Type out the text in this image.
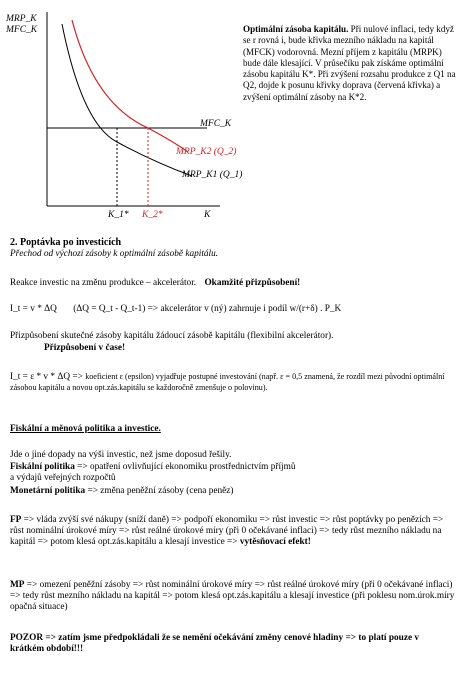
MRP_K
MFC_K
MFC_K
MRP_K2 (Q_2)
MRP_K1 (Q_1)
K_1* K_2*	K
Optimální zásoba kapitálu. Při nulové inflaci, tedy když se r rovná i, bude křivka mezního nákladu na kapitál (MFCK) vodorovná. Mezní příjem z kapitálu (MRPK) bude dále klesající. V průsečíku pak získáme optimální zásobu kapitálu K*. Při zvýšení rozsahu produkce z Q1 na Q2, dojde k posunu křivky doprava (červená křivka) a zvýšení optimální zásoby na K*2.
2. Poptávka po investicích
Přechod od výchozí zásoby k optimální zásobě kapitálu.
Reakce investic na změnu produkce – akcelerátor. Okamžité přizpůsobení!
I_t = v * ΔQ (ΔQ = Q_t - Q_t-1) => akcelerátor v (ný) zahrnuje i podíl w/(r+δ) . P_K
Přizpůsobení skutečné zásoby kapitálu žádoucí zásobě kapitálu (flexibilní akcelerátor).
Přizpůsobení v čase!
I_t = ε * v * ΔQ => koeficient ε (epsilon) vyjadřuje postupné investování (např. ε = 0,5 znamená, že rozdíl mezi původní optimální zásobou kapitálu a novou opt.zás.kapitálu se každoročně zmenšuje o polovinu).
Fiskální a měnová politika a investice.
Jde o jiné dopady na výši investic, než jsme doposud řešily.
Fiskální politika => opatření ovlivňující ekonomiku prostřednictvím příjmů a výdajů veřejných rozpočtů
Monetární politika => změna peněžní zásoby (cena peněz)
FP => vláda zvýší své nákupy (sníží daně) => podpoří ekonomiku => růst investic => růst poptávky po penězích => růst nominální úrokové míry => růst reálné úrokové míry (při 0 očekávané inflaci) => tedy růst mezního nákladu na kapitál => potom klesá opt.zás.kapitálu a klesají investice => vytěsňovací efekt!
MP => omezení peněžní zásoby => růst nominální úrokové míry => růst reálné úrokové míry (při 0 očekávané inflaci) => tedy růst mezního nákladu na kapitál => potom klesá opt.zás.kapitálu a klesají investice (při poklesu nom.úrok.míry opačná situace)
POZOR => zatím jsme předpokládali že se nemění očekávání změny cenové hladiny => to platí pouze v krátkém období!!!
